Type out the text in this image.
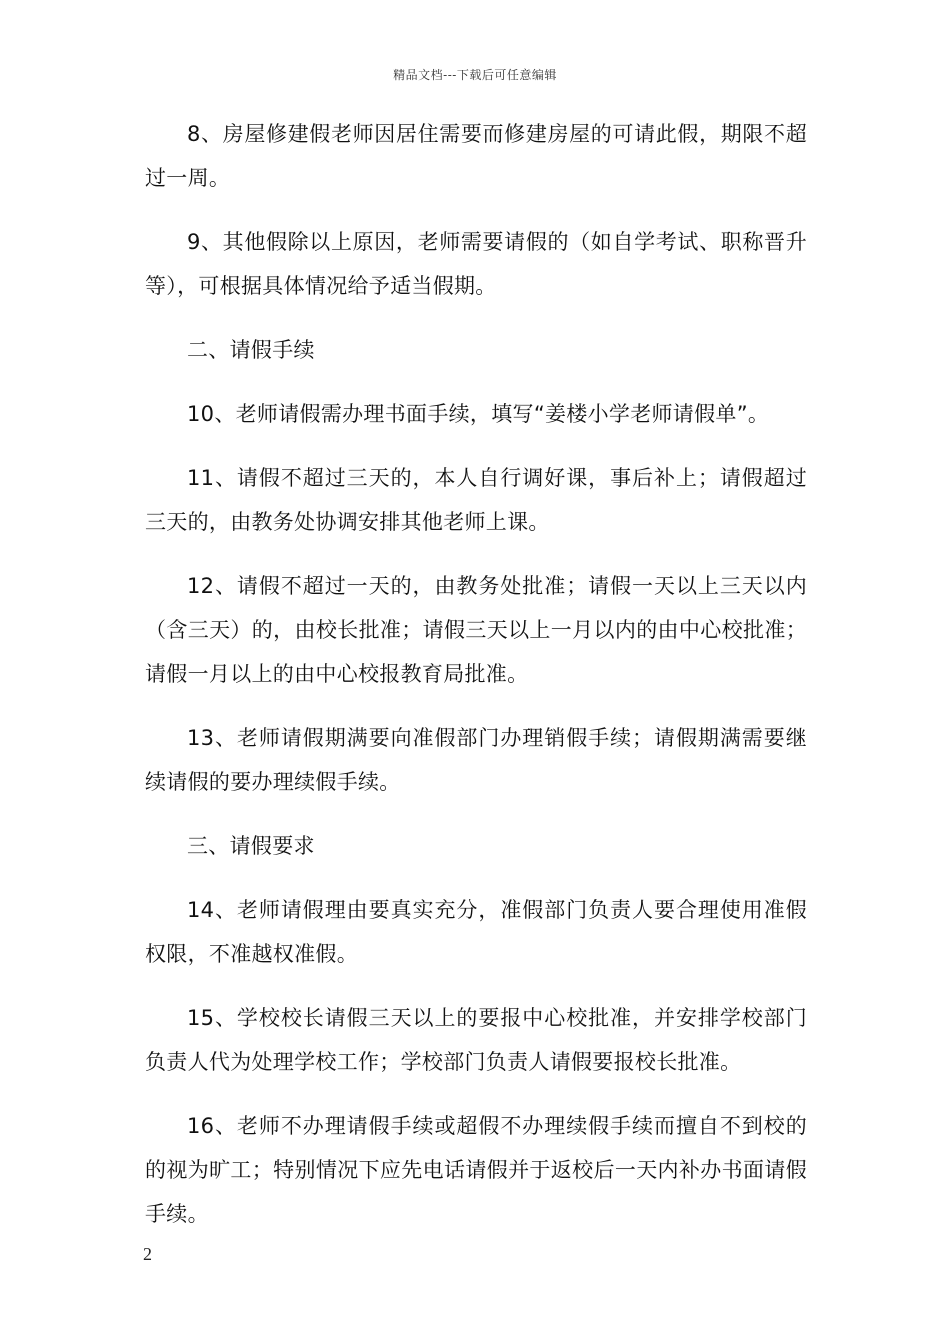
精品文档---下载后可任意编辑

8、房屋修建假老师因居住需要而修建房屋的可请此假，期限不超过一周。

9、其他假除以上原因，老师需要请假的（如自学考试、职称晋升等），可根据具体情况给予适当假期。

二、请假手续

10、老师请假需办理书面手续，填写“姜楼小学老师请假单”。

11、请假不超过三天的，本人自行调好课，事后补上；请假超过三天的，由教务处协调安排其他老师上课。

12、请假不超过一天的，由教务处批准；请假一天以上三天以内（含三天）的，由校长批准；请假三天以上一月以内的由中心校批准；请假一月以上的由中心校报教育局批准。

13、老师请假期满要向准假部门办理销假手续；请假期满需要继续请假的要办理续假手续。

三、请假要求

14、老师请假理由要真实充分，准假部门负责人要合理使用准假权限，不准越权准假。

15、学校校长请假三天以上的要报中心校批准，并安排学校部门负责人代为处理学校工作；学校部门负责人请假要报校长批准。

16、老师不办理请假手续或超假不办理续假手续而擅自不到校的的视为旷工；特别情况下应先电话请假并于返校后一天内补办书面请假手续。

2
